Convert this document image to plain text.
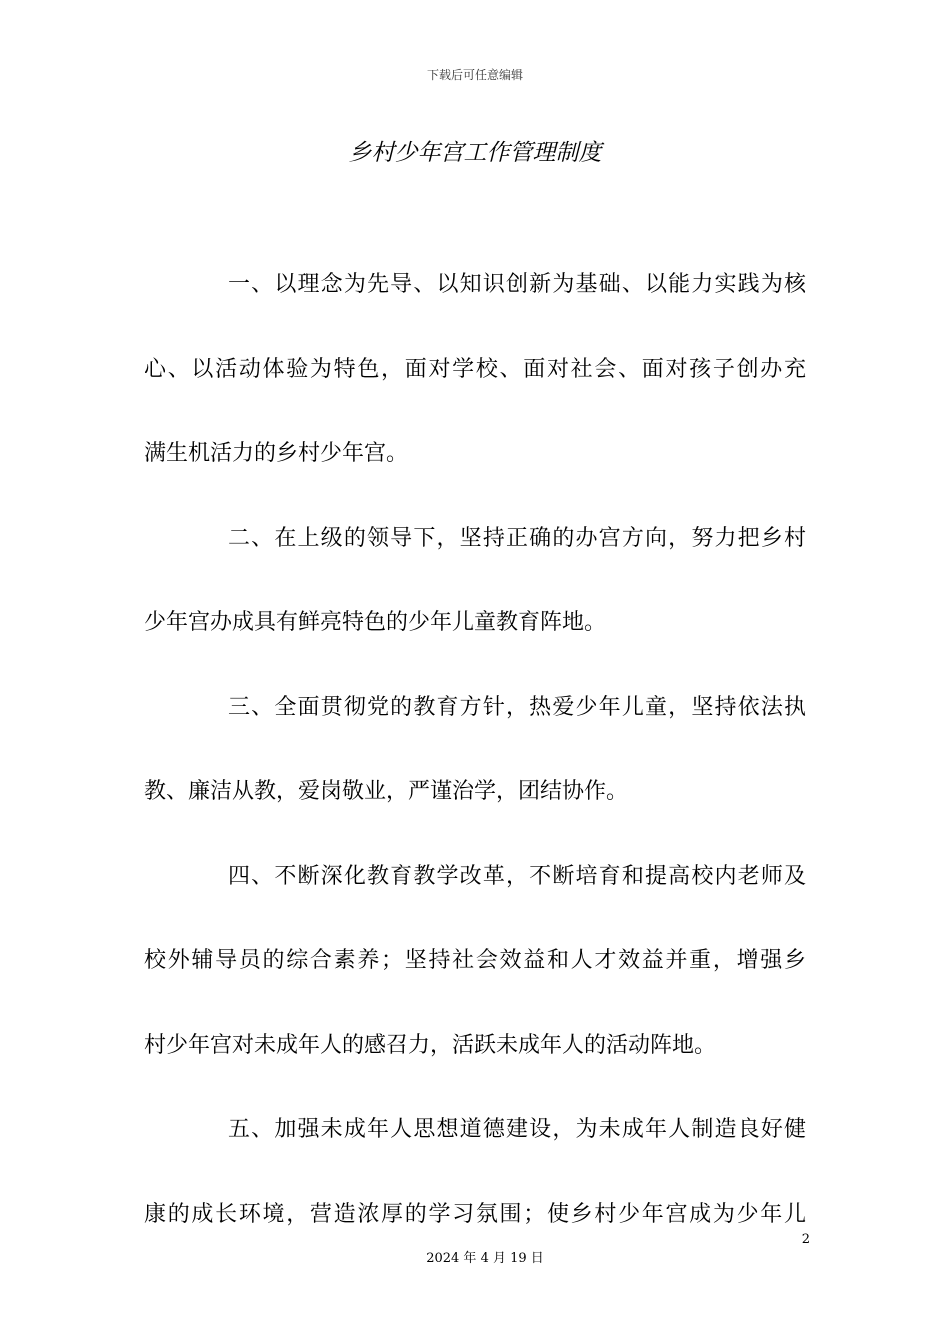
下载后可任意编辑
乡村少年宫工作管理制度
一、以理念为先导、以知识创新为基础、以能力实践为核
心、以活动体验为特色，面对学校、面对社会、面对孩子创办充
满生机活力的乡村少年宫。
二、在上级的领导下，坚持正确的办宫方向，努力把乡村
少年宫办成具有鲜亮特色的少年儿童教育阵地。
三、全面贯彻党的教育方针，热爱少年儿童，坚持依法执
教、廉洁从教，爱岗敬业，严谨治学，团结协作。
四、不断深化教育教学改革，不断培育和提高校内老师及
校外辅导员的综合素养；坚持社会效益和人才效益并重，增强乡
村少年宫对未成年人的感召力，活跃未成年人的活动阵地。
五、加强未成年人思想道德建设，为未成年人制造良好健
康的成长环境，营造浓厚的学习氛围；使乡村少年宫成为少年儿
2
2024 年 4 月 19 日
